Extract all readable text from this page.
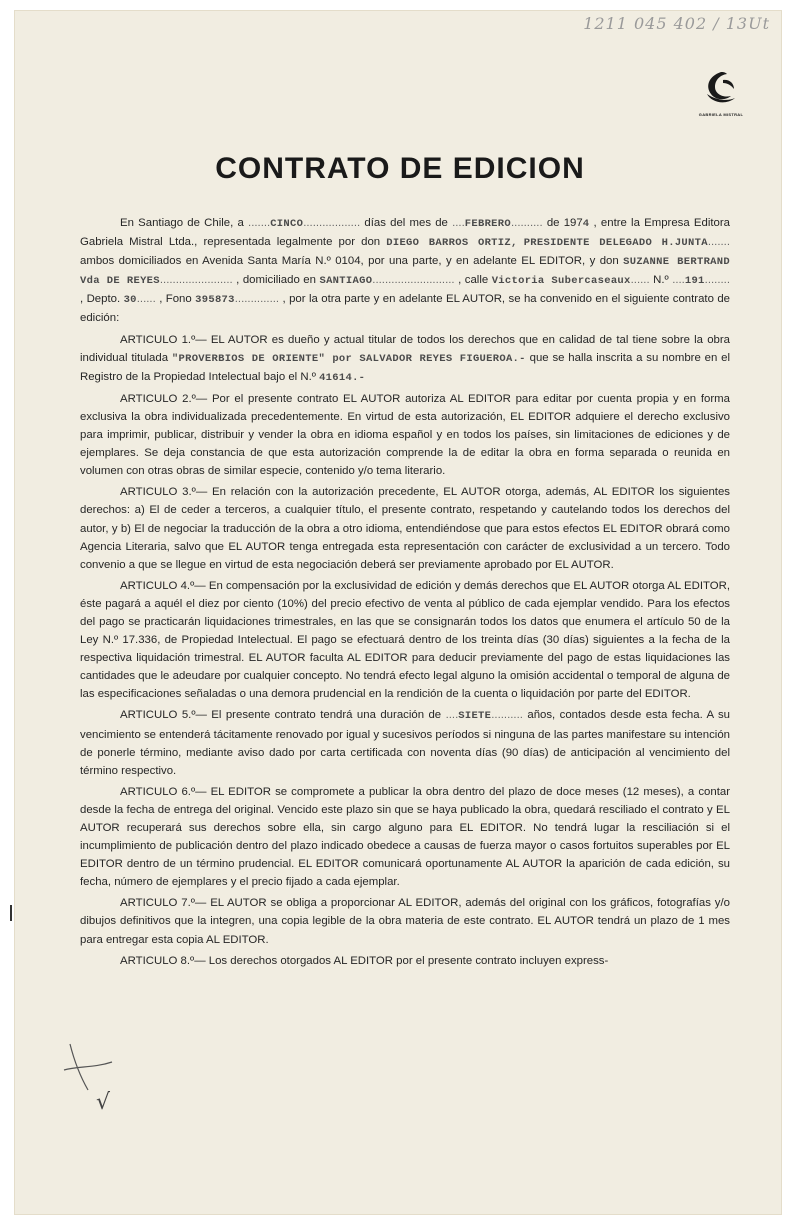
1211 045 402 / 13Ut
GABRIELA MISTRAL
CONTRATO DE EDICION

En Santiago de Chile, a .......CINCO.................. días del mes de ....FEBRERO.......... de 1974 , entre la Empresa Editora Gabriela Mistral Ltda., representada legalmente por don DIEGO BARROS ORTIZ, PRESIDENTE DELEGADO H.JUNTA....... ambos domiciliados en Avenida Santa María N.º 0104, por una parte, y en adelante EL EDITOR, y don SUZANNE BERTRAND Vda DE REYES....................... , domiciliado en SANTIAGO.......................... , calle Victoria Subercaseaux...... N.º ....191........ , Depto. 30...... , Fono 395873.............. , por la otra parte y en adelante EL AUTOR, se ha convenido en el siguiente contrato de edición:

ARTICULO 1.º— EL AUTOR es dueño y actual titular de todos los derechos que en calidad de tal tiene sobre la obra individual titulada "PROVERBIOS DE ORIENTE" por SALVADOR REYES FIGUEROA.- que se halla inscrita a su nombre en el Registro de la Propiedad Intelectual bajo el N.º 41614.-

ARTICULO 2.º— Por el presente contrato EL AUTOR autoriza AL EDITOR para editar por cuenta propia y en forma exclusiva la obra individualizada precedentemente. En virtud de esta autorización, EL EDITOR adquiere el derecho exclusivo para imprimir, publicar, distribuir y vender la obra en idioma español y en todos los países, sin limitaciones de ediciones y de ejemplares. Se deja constancia de que esta autorización comprende la de editar la obra en forma separada o reunida en volumen con otras obras de similar especie, contenido y/o tema literario.

ARTICULO 3.º— En relación con la autorización precedente, EL AUTOR otorga, además, AL EDITOR los siguientes derechos: a) El de ceder a terceros, a cualquier título, el presente contrato, respetando y cautelando todos los derechos del autor, y b) El de negociar la traducción de la obra a otro idioma, entendiéndose que para estos efectos EL EDITOR obrará como Agencia Literaria, salvo que EL AUTOR tenga entregada esta representación con carácter de exclusividad a un tercero. Todo convenio a que se llegue en virtud de esta negociación deberá ser previamente aprobado por EL AUTOR.

ARTICULO 4.º— En compensación por la exclusividad de edición y demás derechos que EL AUTOR otorga AL EDITOR, éste pagará a aquél el diez por ciento (10%) del precio efectivo de venta al público de cada ejemplar vendido. Para los efectos del pago se practicarán liquidaciones trimestrales, en las que se consignarán todos los datos que enumera el artículo 50 de la Ley N.º 17.336, de Propiedad Intelectual. El pago se efectuará dentro de los treinta días (30 días) siguientes a la fecha de la respectiva liquidación trimestral. EL AUTOR faculta AL EDITOR para deducir previamente del pago de estas liquidaciones las cantidades que le adeudare por cualquier concepto. No tendrá efecto legal alguno la omisión accidental o temporal de alguna de las especificaciones señaladas o una demora prudencial en la rendición de la cuenta o liquidación por parte del EDITOR.

ARTICULO 5.º— El presente contrato tendrá una duración de ....SIETE.......... años, contados desde esta fecha. A su vencimiento se entenderá tácitamente renovado por igual y sucesivos períodos si ninguna de las partes manifestare su intención de ponerle término, mediante aviso dado por carta certificada con noventa días (90 días) de anticipación al vencimiento del término respectivo.

ARTICULO 6.º— EL EDITOR se compromete a publicar la obra dentro del plazo de doce meses (12 meses), a contar desde la fecha de entrega del original. Vencido este plazo sin que se haya publicado la obra, quedará resciliado el contrato y EL AUTOR recuperará sus derechos sobre ella, sin cargo alguno para EL EDITOR. No tendrá lugar la resciliación si el incumplimiento de publicación dentro del plazo indicado obedece a causas de fuerza mayor o casos fortuitos superables por EL EDITOR dentro de un término prudencial. EL EDITOR comunicará oportunamente AL AUTOR la aparición de cada edición, su fecha, número de ejemplares y el precio fijado a cada ejemplar.

ARTICULO 7.º— EL AUTOR se obliga a proporcionar AL EDITOR, además del original con los gráficos, fotografías y/o dibujos definitivos que la integren, una copia legible de la obra materia de este contrato. EL AUTOR tendrá un plazo de 1 mes para entregar esta copia AL EDITOR.

ARTICULO 8.º— Los derechos otorgados AL EDITOR por el presente contrato incluyen express-

√
